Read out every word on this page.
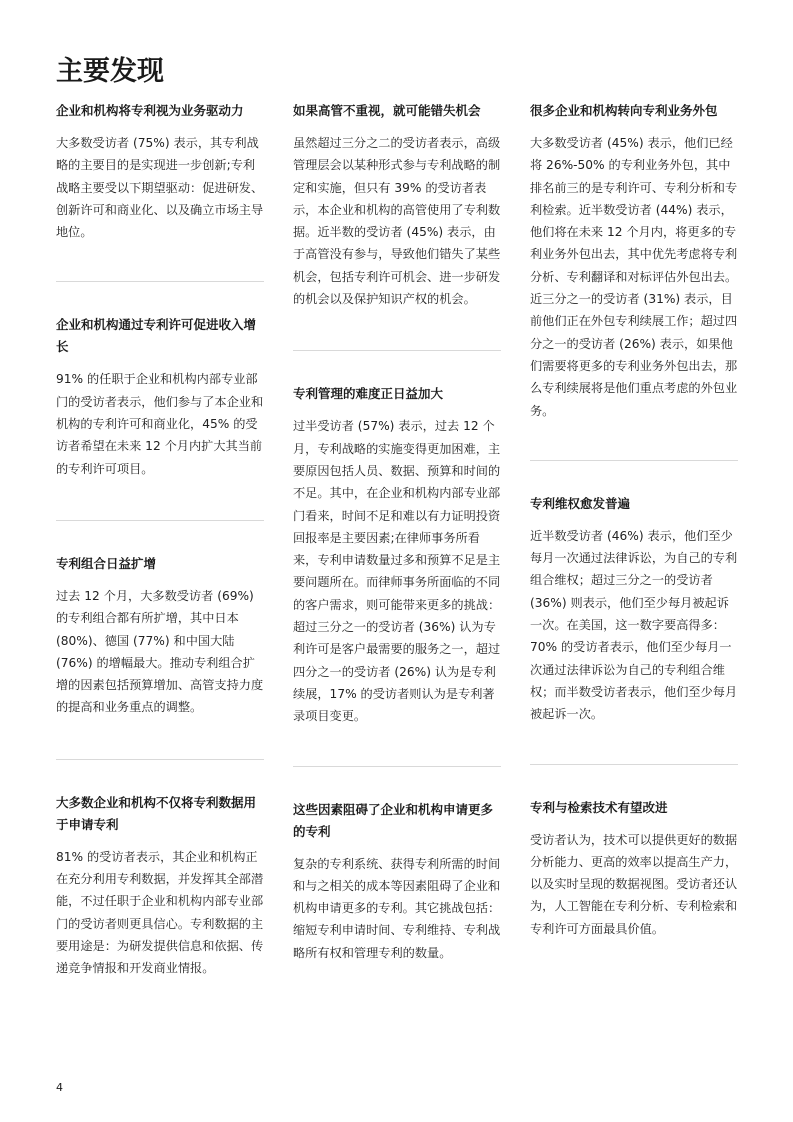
主要发现
企业和机构将专利视为业务驱动力

大多数受访者 (75%) 表示，其专利战略的主要目的是实现进一步创新;专利战略主要受以下期望驱动：促进研发、创新许可和商业化、以及确立市场主导地位。

企业和机构通过专利许可促进收入增长

91% 的任职于企业和机构内部专业部门的受访者表示，他们参与了本企业和机构的专利许可和商业化，45% 的受访者希望在未来 12 个月内扩大其当前的专利许可项目。

专利组合日益扩增

过去 12 个月，大多数受访者 (69%) 的专利组合都有所扩增，其中日本 (80%)、德国 (77%) 和中国大陆 (76%) 的增幅最大。推动专利组合扩增的因素包括预算增加、高管支持力度的提高和业务重点的调整。

大多数企业和机构不仅将专利数据用于申请专利

81% 的受访者表示，其企业和机构正在充分利用专利数据，并发挥其全部潜能，不过任职于企业和机构内部专业部门的受访者则更具信心。专利数据的主要用途是：为研发提供信息和依据、传递竞争情报和开发商业情报。

如果高管不重视，就可能错失机会

虽然超过三分之二的受访者表示，高级管理层会以某种形式参与专利战略的制定和实施，但只有 39% 的受访者表示，本企业和机构的高管使用了专利数据。近半数的受访者 (45%) 表示，由于高管没有参与，导致他们错失了某些机会，包括专利许可机会、进一步研发的机会以及保护知识产权的机会。

专利管理的难度正日益加大

过半受访者 (57%) 表示，过去 12 个月，专利战略的实施变得更加困难，主要原因包括人员、数据、预算和时间的不足。其中，在企业和机构内部专业部门看来，时间不足和难以有力证明投资回报率是主要因素;在律师事务所看来，专利申请数量过多和预算不足是主要问题所在。而律师事务所面临的不同的客户需求，则可能带来更多的挑战：超过三分之一的受访者 (36%) 认为专利许可是客户最需要的服务之一，超过四分之一的受访者 (26%) 认为是专利续展，17% 的受访者则认为是专利著录项目变更。

这些因素阻碍了企业和机构申请更多的专利

复杂的专利系统、获得专利所需的时间和与之相关的成本等因素阻碍了企业和机构申请更多的专利。其它挑战包括：缩短专利申请时间、专利维持、专利战略所有权和管理专利的数量。

很多企业和机构转向专利业务外包

大多数受访者 (45%) 表示，他们已经将 26%-50% 的专利业务外包，其中排名前三的是专利许可、专利分析和专利检索。近半数受访者 (44%) 表示，他们将在未来 12 个月内，将更多的专利业务外包出去，其中优先考虑将专利分析、专利翻译和对标评估外包出去。近三分之一的受访者 (31%) 表示，目前他们正在外包专利续展工作；超过四分之一的受访者 (26%) 表示，如果他们需要将更多的专利业务外包出去，那么专利续展将是他们重点考虑的外包业务。

专利维权愈发普遍

近半数受访者 (46%) 表示，他们至少每月一次通过法律诉讼，为自己的专利组合维权；超过三分之一的受访者 (36%) 则表示，他们至少每月被起诉一次。在美国，这一数字要高得多：70% 的受访者表示，他们至少每月一次通过法律诉讼为自己的专利组合维权；而半数受访者表示，他们至少每月被起诉一次。

专利与检索技术有望改进

受访者认为，技术可以提供更好的数据分析能力、更高的效率以提高生产力，以及实时呈现的数据视图。受访者还认为，人工智能在专利分析、专利检索和专利许可方面最具价值。

4
